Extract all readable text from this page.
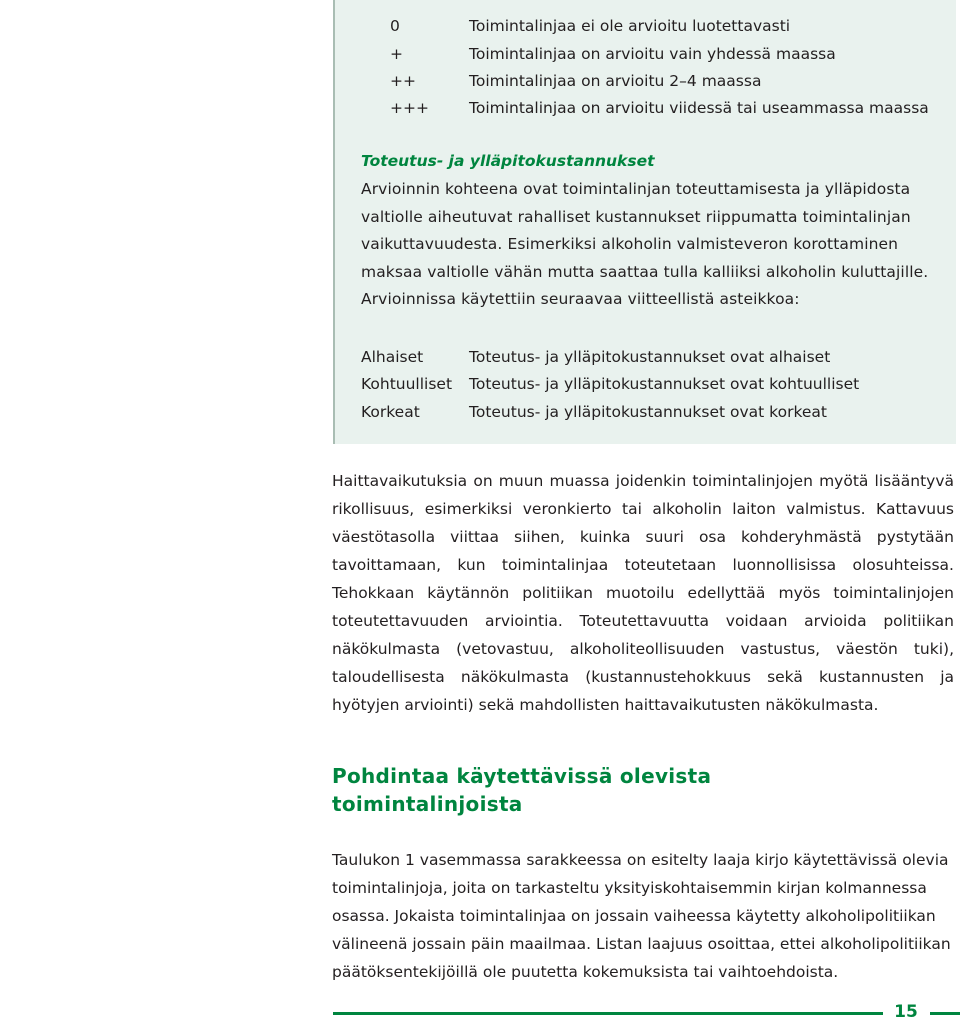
0	Toimintalinjaa ei ole arvioitu luotettavasti
+	Toimintalinjaa on arvioitu vain yhdessä maassa
++	Toimintalinjaa on arvioitu 2–4 maassa
+++	Toimintalinjaa on arvioitu viidessä tai useammassa maassa
Toteutus- ja ylläpitokustannukset

Arvioinnin kohteena ovat toimintalinjan toteuttamisesta ja ylläpidosta valtiolle aiheutuvat rahalliset kustannukset riippumatta toimintalinjan vaikuttavuudesta. Esimerkiksi alkoholin valmisteveron korottaminen maksaa valtiolle vähän mutta saattaa tulla kalliiksi alkoholin kuluttajille. Arvioinnissa käytettiin seuraavaa viitteellistä asteikkoa:

Alhaiset	Toteutus- ja ylläpitokustannukset ovat alhaiset
Kohtuulliset Toteutus- ja ylläpitokustannukset ovat kohtuulliset
Korkeat	Toteutus- ja ylläpitokustannukset ovat korkeat

Haittavaikutuksia on muun muassa joidenkin toimintalinjojen myötä lisääntyvä rikollisuus, esimerkiksi veronkierto tai alkoholin laiton valmistus. Kattavuus väestötasolla viittaa siihen, kuinka suuri osa kohderyhmästä pystytään tavoittamaan, kun toimintalinjaa toteutetaan luonnollisissa olosuhteissa. Tehokkaan käytännön politiikan muotoilu edellyttää myös toimintalinjojen toteutettavuuden arviointia. Toteutettavuutta voidaan arvioida politiikan näkökulmasta (vetovastuu, alkoholiteollisuuden vastustus, väestön tuki), taloudellisesta näkökulmasta (kustannustehokkuus sekä kustannusten ja hyötyjen arviointi) sekä mahdollisten haittavaikutusten näkökulmasta.

Pohdintaa käytettävissä olevista toimintalinjoista

Taulukon 1 vasemmassa sarakkeessa on esitelty laaja kirjo käytettävissä olevia toimintalinjoja, joita on tarkasteltu yksityiskohtaisemmin kirjan kolmannessa osassa. Jokaista toimintalinjaa on jossain vaiheessa käytetty alkoholipolitiikan välineenä jossain päin maailmaa. Listan laajuus osoittaa, ettei alkoholipolitiikan päätöksentekijöillä ole puutetta kokemuksista tai vaihtoehdoista.

15
